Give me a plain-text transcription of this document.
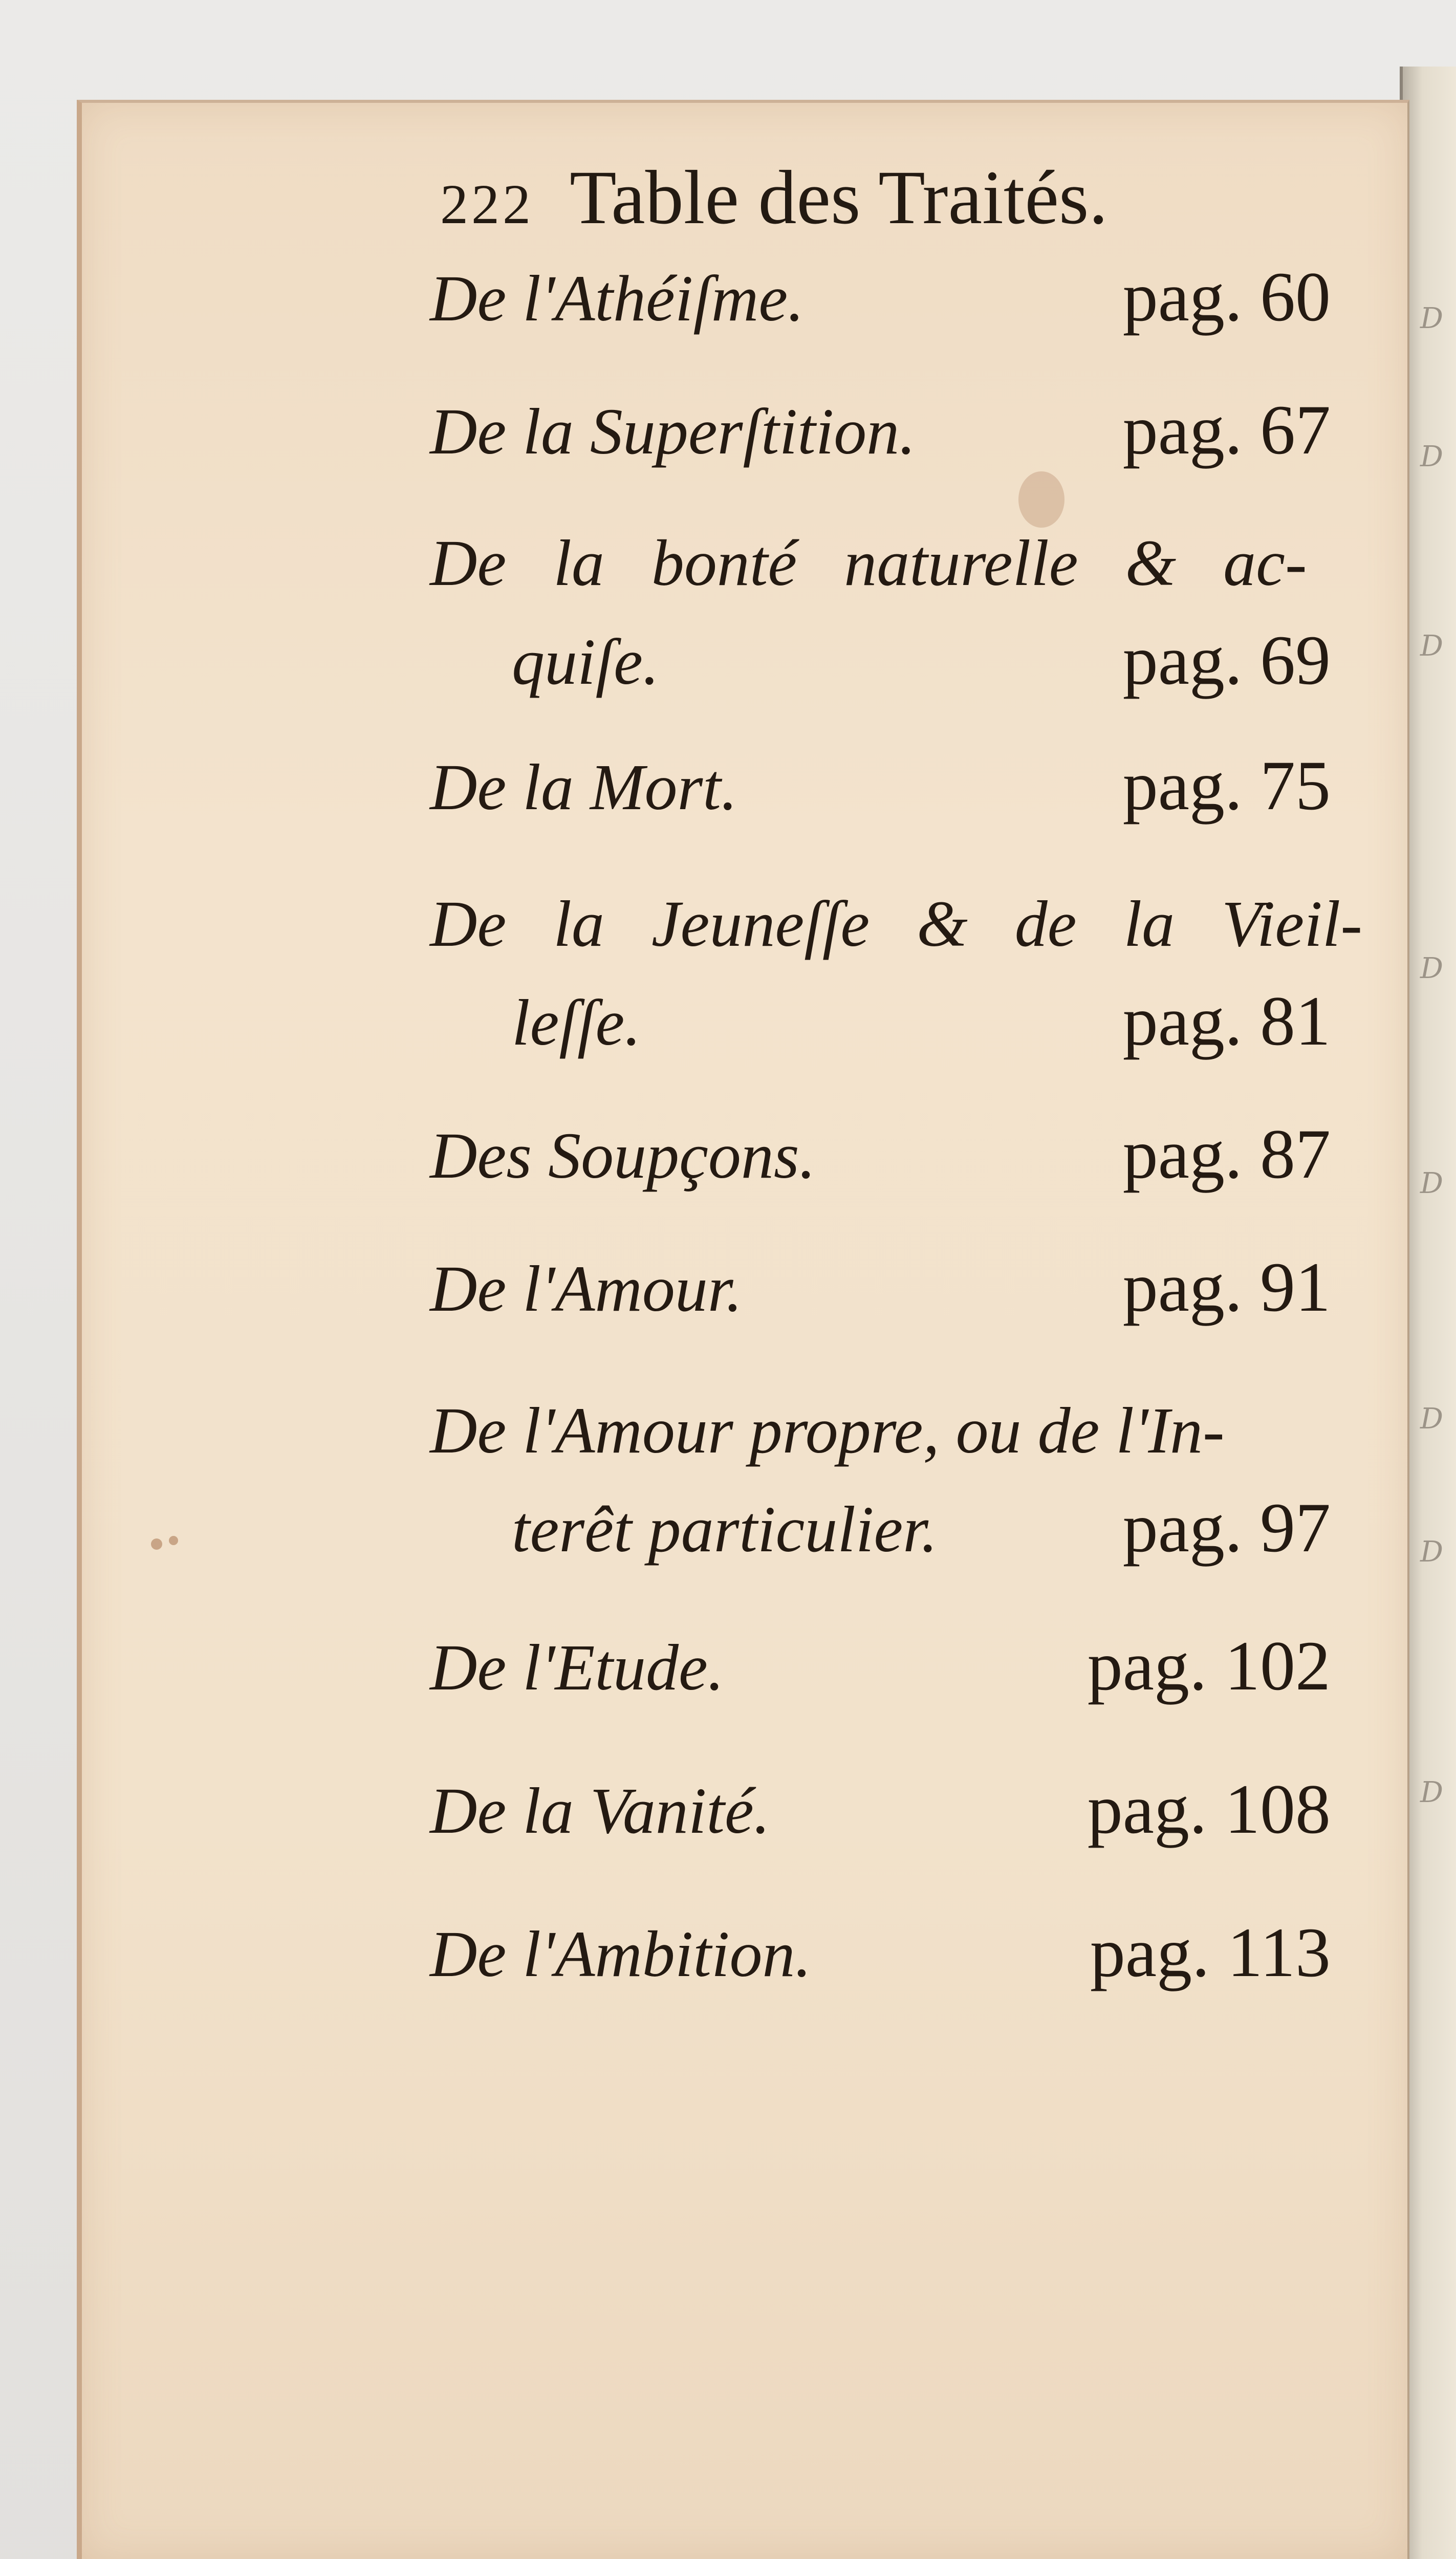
222 Table des Traités.
De l'Athéiſme.	pag. 60
De la Superſtition.	pag. 67
De la bonté naturelle & ac-
quiſe.	pag. 69
De la Mort.	pag. 75
De la Jeuneſſe & de la Vieil-
leſſe.	pag. 81
Des Soupçons.	pag. 87
De l'Amour.	pag. 91
De l'Amour propre, ou de l'In-
terêt particulier.	pag. 97
De l'Etude.	pag. 102
De la Vanité.	pag. 108
De l'Ambition.	pag. 113
D
D
D
D
D
D
D
D
